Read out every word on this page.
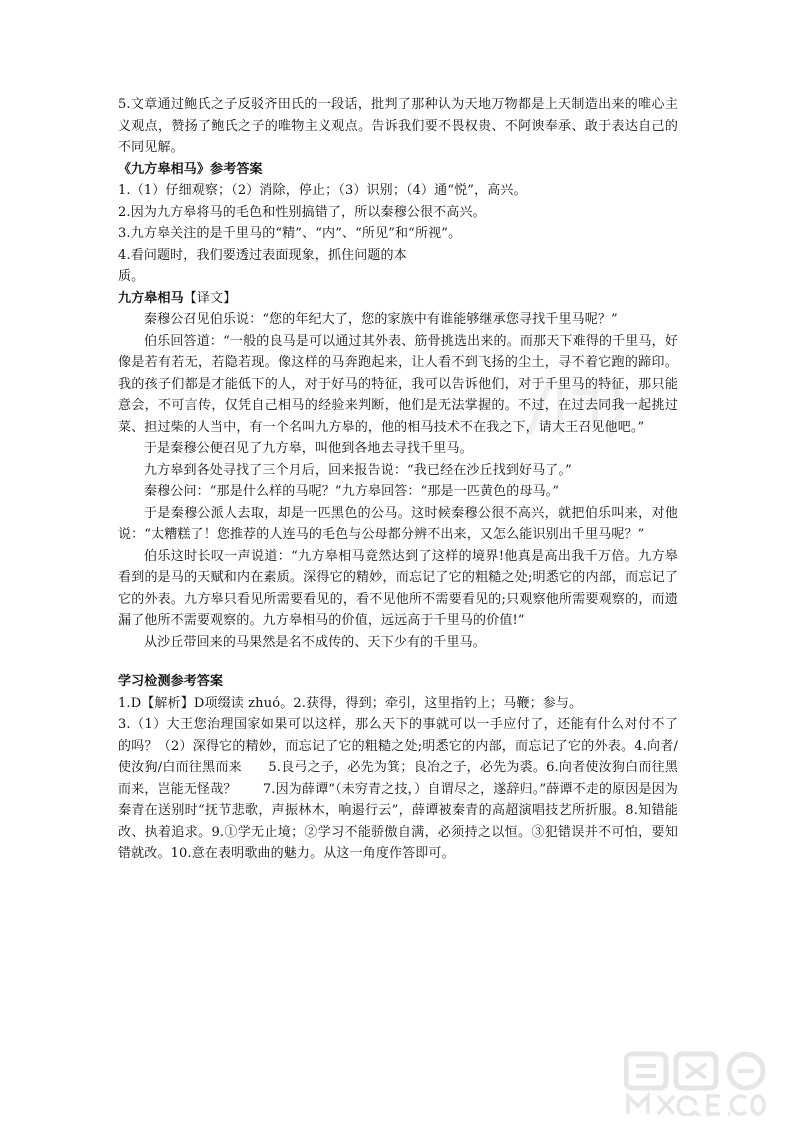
5.文章通过鲍氏之子反驳齐田氏的一段话，批判了那种认为天地万物都是上天制造出来的唯心主义观点，赞扬了鲍氏之子的唯物主义观点。告诉我们要不畏权贵、不阿谀奉承、敢于表达自己的不同见解。

《九方皋相马》参考答案

1.（1）仔细观察；（2）消除，停止；（3）识别；（4）通“悦”，高兴。

2.因为九方皋将马的毛色和性别搞错了，所以秦穆公很不高兴。

3.九方皋关注的是千里马的“精”、“内”、“所见”和“所视”。

4.看问题时，我们要透过表面现象，抓住问题的本

质。

九方皋相马【译文】

秦穆公召见伯乐说：“您的年纪大了，您的家族中有谁能够继承您寻找千里马呢？”

伯乐回答道：“一般的良马是可以通过其外表、筋骨挑选出来的。而那天下难得的千里马，好像是若有若无，若隐若现。像这样的马奔跑起来，让人看不到飞扬的尘土，寻不着它跑的蹄印。我的孩子们都是才能低下的人，对于好马的特征，我可以告诉他们，对于千里马的特征，那只能意会，不可言传，仅凭自己相马的经验来判断，他们是无法掌握的。不过，在过去同我一起挑过菜、担过柴的人当中，有一个名叫九方皋的，他的相马技术不在我之下，请大王召见他吧。”

于是秦穆公便召见了九方皋，叫他到各地去寻找千里马。

九方皋到各处寻找了三个月后，回来报告说：“我已经在沙丘找到好马了。”

秦穆公问：“那是什么样的马呢？”九方皋回答：“那是一匹黄色的母马。”

于是秦穆公派人去取，却是一匹黑色的公马。这时候秦穆公很不高兴，就把伯乐叫来，对他说：“太糟糕了！您推荐的人连马的毛色与公母都分辨不出来，又怎么能识别出千里马呢？”

伯乐这时长叹一声说道：“九方皋相马竟然达到了这样的境界!他真是高出我千万倍。九方皋看到的是马的天赋和内在素质。深得它的精妙，而忘记了它的粗糙之处;明悉它的内部，而忘记了它的外表。九方皋只看见所需要看见的，看不见他所不需要看见的;只观察他所需要观察的，而遗漏了他所不需要观察的。九方皋相马的价值，远远高于千里马的价值!”

从沙丘带回来的马果然是名不成传的、天下少有的千里马。

学习检测参考答案

1.D【解析】D项缀读 zhuó。2.获得，得到；牵引，这里指钓上；马鞭；参与。

3.（1）大王您治理国家如果可以这样，那么天下的事就可以一手应付了，还能有什么对付不了的吗？（2）深得它的精妙，而忘记了它的粗糙之处;明悉它的内部，而忘记了它的外表。4.向者/使汝狗/白而往黑而来　　5.良弓之子，必先为箕；良冶之子，必先为裘。6.向者使汝狗白而往黑而来，岂能无怪哉？　　7.因为薛谭“（未穷青之技，）自谓尽之，遂辞归。”薛谭不走的原因是因为秦青在送别时“抚节悲歌，声振林木，响遏行云”，薛谭被秦青的高超演唱技艺所折服。8.知错能改、执着追求。9.①学无止境；②学习不能骄傲自满，必须持之以恒。③犯错误并不可怕，要知错就改。10.意在表明歌曲的魅力。从这一角度作答即可。
